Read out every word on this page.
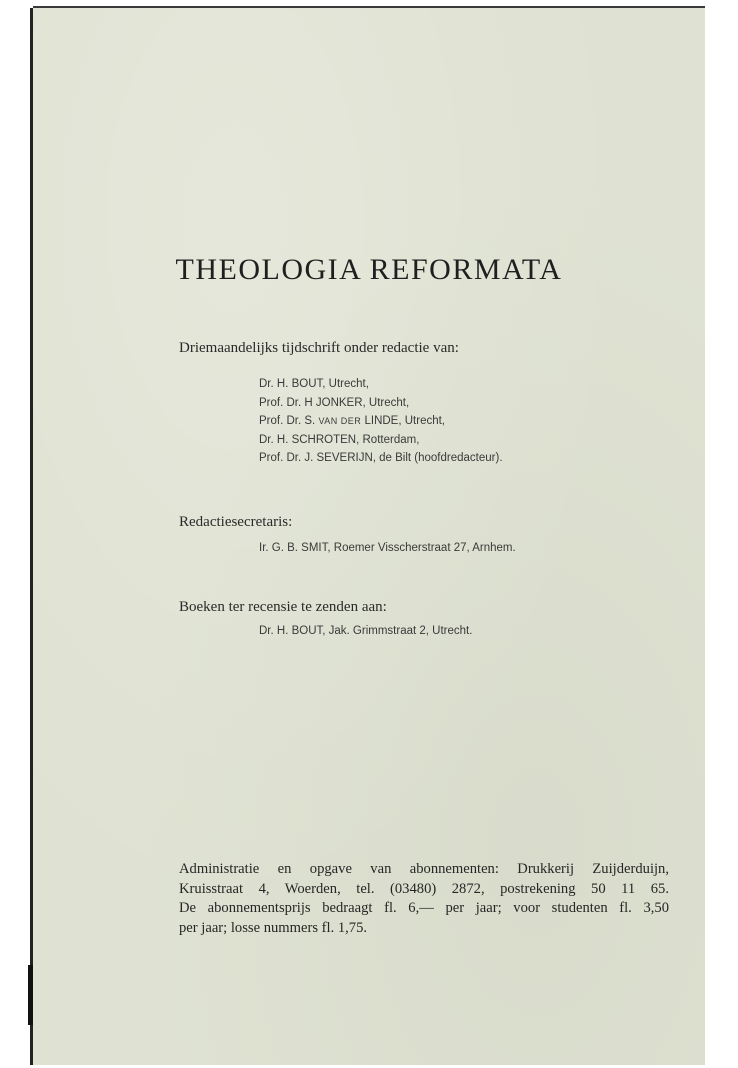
THEOLOGIA REFORMATA

Driemaandelijks tijdschrift onder redactie van:

Dr. H. BOUT, Utrecht,
Prof. Dr. H JONKER, Utrecht,
Prof. Dr. S. VAN DER LINDE, Utrecht,
Dr. H. SCHROTEN, Rotterdam,
Prof. Dr. J. SEVERIJN, de Bilt (hoofdredacteur).

Redactiesecretaris:

Ir. G. B. SMIT, Roemer Visscherstraat 27, Arnhem.

Boeken ter recensie te zenden aan:

Dr. H. BOUT, Jak. Grimmstraat 2, Utrecht.

Administratie en opgave van abonnementen: Drukkerij Zuijderduijn,
Kruisstraat 4, Woerden, tel. (03480) 2872, postrekening 50 11 65.
De abonnementsprijs bedraagt fl. 6,— per jaar; voor studenten fl. 3,50
per jaar; losse nummers fl. 1,75.
